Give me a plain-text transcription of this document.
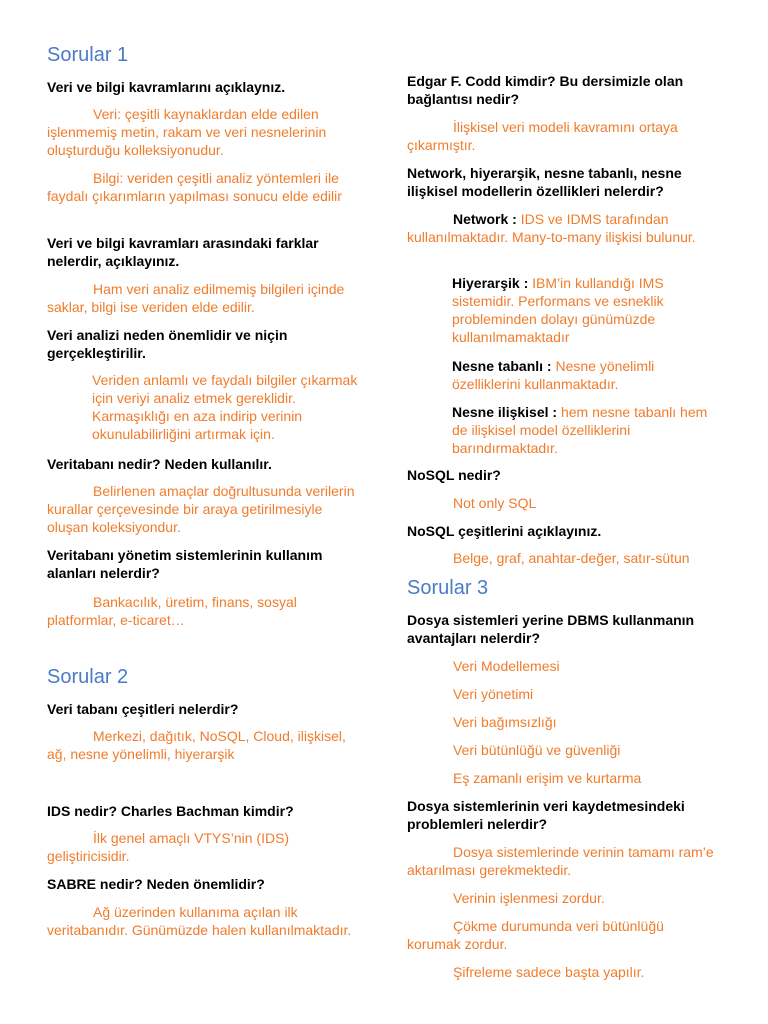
Sorular 1

Veri ve bilgi kavramlarını açıklaynız.

Veri: çeşitli kaynaklardan elde edilen işlenmemiş metin, rakam ve veri nesnelerinin oluşturduğu kolleksiyonudur.

Bilgi: veriden çeşitli analiz yöntemleri ile faydalı çıkarımların yapılması sonucu elde edilir

Veri ve bilgi kavramları arasındaki farklar nelerdir, açıklayınız.

Ham veri analiz edilmemiş bilgileri içinde saklar, bilgi ise veriden elde edilir.

Veri analizi neden önemlidir ve niçin gerçekleştirilir.

Veriden anlamlı ve faydalı bilgiler çıkarmak için veriyi analiz etmek gereklidir. Karmaşıklığı en aza indirip verinin okunulabilirliğini artırmak için.

Veritabanı nedir? Neden kullanılır.

Belirlenen amaçlar doğrultusunda verilerin kurallar çerçevesinde bir araya getirilmesiyle oluşan koleksiyondur.

Veritabanı yönetim sistemlerinin kullanım alanları nelerdir?

Bankacılık, üretim, finans, sosyal platformlar, e-ticaret…

Sorular 2

Veri tabanı çeşitleri nelerdir?

Merkezi, dağıtık, NoSQL, Cloud, ilişkisel, ağ, nesne yönelimli, hiyerarşik

IDS nedir? Charles Bachman kimdir?

İlk genel amaçlı VTYS’nin (IDS) geliştiricisidir.

SABRE nedir? Neden önemlidir?

Ağ üzerinden kullanıma açılan ilk veritabanıdır. Günümüzde halen kullanılmaktadır.

Edgar F. Codd kimdir? Bu dersimizle olan bağlantısı nedir?

İlişkisel veri modeli kavramını ortaya çıkarmıştır.

Network, hiyerarşik, nesne tabanlı, nesne ilişkisel modellerin özellikleri nelerdir?

Network : IDS ve IDMS tarafından kullanılmaktadır. Many-to-many ilişkisi bulunur.

Hiyerarşik : IBM’in kullandığı IMS sistemidir. Performans ve esneklik probleminden dolayı günümüzde kullanılmamaktadır

Nesne tabanlı : Nesne yönelimli özelliklerini kullanmaktadır.

Nesne ilişkisel : hem nesne tabanlı hem de ilişkisel model özelliklerini barındırmaktadır.

NoSQL nedir?

Not only SQL

NoSQL çeşitlerini açıklayınız.

Belge, graf, anahtar-değer, satır-sütun

Sorular 3

Dosya sistemleri yerine DBMS kullanmanın avantajları nelerdir?

Veri Modellemesi

Veri yönetimi

Veri bağımsızlığı

Veri bütünlüğü ve güvenliği

Eş zamanlı erişim ve kurtarma

Dosya sistemlerinin veri kaydetmesindeki problemleri nelerdir?

Dosya sistemlerinde verinin tamamı ram’e aktarılması gerekmektedir.

Verinin işlenmesi zordur.

Çökme durumunda veri bütünlüğü korumak zordur.

Şifreleme sadece başta yapılır.
